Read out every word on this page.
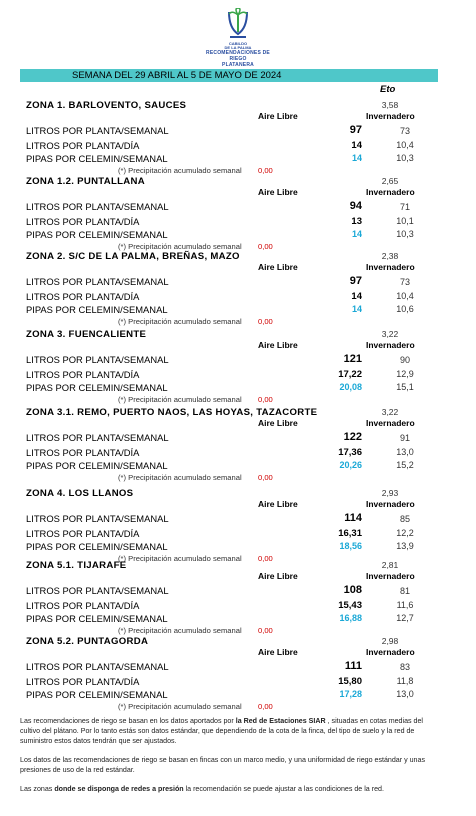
CABILDO
DE LA PALMA
RECOMENDACIONES DE RIEGO
PLATANERA
SEMANA DEL 29 ABRIL AL 5 DE MAYO DE 2024
Eto
ZONA 1. BARLOVENTO, SAUCES	3,58
Aire Libre	Invernadero
LITROS POR PLANTA/SEMANAL	97	73
LITROS POR PLANTA/DÍA	14	10,4
PIPAS POR CELEMIN/SEMANAL	14	10,3
(*) Precipitación acumulado semanal 0,00
ZONA 1.2. PUNTALLANA	2,65
Aire Libre	Invernadero
LITROS POR PLANTA/SEMANAL	94	71
LITROS POR PLANTA/DÍA	13	10,1
PIPAS POR CELEMIN/SEMANAL	14	10,3
(*) Precipitación acumulado semanal 0,00
ZONA 2. S/C DE LA PALMA, BREÑAS, MAZO	2,38
Aire Libre	Invernadero
LITROS POR PLANTA/SEMANAL	97	73
LITROS POR PLANTA/DÍA	14	10,4
PIPAS POR CELEMIN/SEMANAL	14	10,6
(*) Precipitación acumulado semanal 0,00
ZONA 3. FUENCALIENTE	3,22
Aire Libre	Invernadero
LITROS POR PLANTA/SEMANAL	121	90
LITROS POR PLANTA/DÍA	17,22	12,9
PIPAS POR CELEMIN/SEMANAL	20,08	15,1
(*) Precipitación acumulado semanal 0,00
ZONA 3.1. REMO, PUERTO NAOS, LAS HOYAS, TAZACORTE	3,22
Aire Libre	Invernadero
LITROS POR PLANTA/SEMANAL	122	91
LITROS POR PLANTA/DÍA	17,36	13,0
PIPAS POR CELEMIN/SEMANAL	20,26	15,2
(*) Precipitación acumulado semanal 0,00
ZONA 4. LOS LLANOS	2,93
Aire Libre	Invernadero
LITROS POR PLANTA/SEMANAL	114	85
LITROS POR PLANTA/DÍA	16,31	12,2
PIPAS POR CELEMIN/SEMANAL	18,56	13,9
(*) Precipitación acumulado semanal 0,00
ZONA 5.1. TIJARAFE	2,81
Aire Libre	Invernadero
LITROS POR PLANTA/SEMANAL	108	81
LITROS POR PLANTA/DÍA	15,43	11,6
PIPAS POR CELEMIN/SEMANAL	16,88	12,7
(*) Precipitación acumulado semanal 0,00
ZONA 5.2. PUNTAGORDA	2,98
Aire Libre	Invernadero
LITROS POR PLANTA/SEMANAL	111	83
LITROS POR PLANTA/DÍA	15,80	11,8
PIPAS POR CELEMIN/SEMANAL	17,28	13,0
(*) Precipitación acumulado semanal 0,00
Las recomendaciones de riego se basan en los datos aportados por la Red de Estaciones SIAR , situadas en cotas medias del cultivo del plátano. Por lo tanto estás son datos estándar, que dependiendo de la cota de la finca, del tipo de suelo y la red de suministro estos datos tendrán que ser ajustados.
Los datos de las recomendaciones de riego se basan en fincas con un marco medio, y una uniformidad de riego estándar y unas presiones de uso de la red estándar.
Las zonas donde se disponga de redes a presión la recomendación se puede ajustar a las condiciones de la red.
